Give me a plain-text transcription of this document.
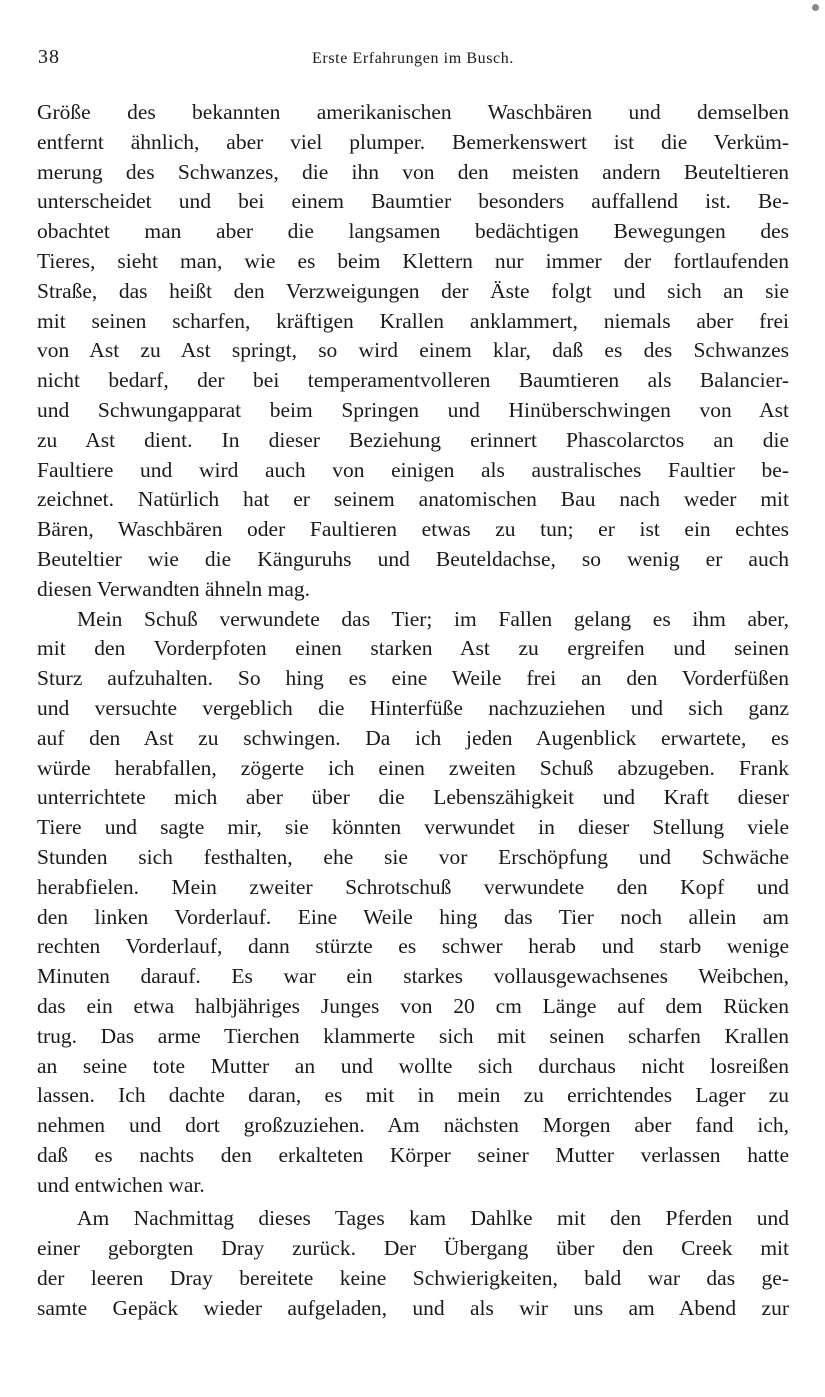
38	Erste Erfahrungen im Busch.

Größe des bekannten amerikanischen Waschbären und demselben
entfernt ähnlich, aber viel plumper. Bemerkenswert ist die Verküm-
merung des Schwanzes, die ihn von den meisten andern Beuteltieren
unterscheidet und bei einem Baumtier besonders auffallend ist. Be-
obachtet man aber die langsamen bedächtigen Bewegungen des
Tieres, sieht man, wie es beim Klettern nur immer der fortlaufenden
Straße, das heißt den Verzweigungen der Äste folgt und sich an sie
mit seinen scharfen, kräftigen Krallen anklammert, niemals aber frei
von Ast zu Ast springt, so wird einem klar, daß es des Schwanzes
nicht bedarf, der bei temperamentvolleren Baumtieren als Balancier-
und Schwungapparat beim Springen und Hinüberschwingen von Ast
zu Ast dient. In dieser Beziehung erinnert Phascolarctos an die
Faultiere und wird auch von einigen als australisches Faultier be-
zeichnet. Natürlich hat er seinem anatomischen Bau nach weder mit
Bären, Waschbären oder Faultieren etwas zu tun; er ist ein echtes
Beuteltier wie die Känguruhs und Beuteldachse, so wenig er auch
diesen Verwandten ähneln mag.

Mein Schuß verwundete das Tier; im Fallen gelang es ihm aber,
mit den Vorderpfoten einen starken Ast zu ergreifen und seinen
Sturz aufzuhalten. So hing es eine Weile frei an den Vorderfüßen
und versuchte vergeblich die Hinterfüße nachzuziehen und sich ganz
auf den Ast zu schwingen. Da ich jeden Augenblick erwartete, es
würde herabfallen, zögerte ich einen zweiten Schuß abzugeben. Frank
unterrichtete mich aber über die Lebenszähigkeit und Kraft dieser
Tiere und sagte mir, sie könnten verwundet in dieser Stellung viele
Stunden sich festhalten, ehe sie vor Erschöpfung und Schwäche
herabfielen. Mein zweiter Schrotschuß verwundete den Kopf und
den linken Vorderlauf. Eine Weile hing das Tier noch allein am
rechten Vorderlauf, dann stürzte es schwer herab und starb wenige
Minuten darauf. Es war ein starkes vollausgewachsenes Weibchen,
das ein etwa halbjähriges Junges von 20 cm Länge auf dem Rücken
trug. Das arme Tierchen klammerte sich mit seinen scharfen Krallen
an seine tote Mutter an und wollte sich durchaus nicht losreißen
lassen. Ich dachte daran, es mit in mein zu errichtendes Lager zu
nehmen und dort großzuziehen. Am nächsten Morgen aber fand ich,
daß es nachts den erkalteten Körper seiner Mutter verlassen hatte
und entwichen war.

Am Nachmittag dieses Tages kam Dahlke mit den Pferden und
einer geborgten Dray zurück. Der Übergang über den Creek mit
der leeren Dray bereitete keine Schwierigkeiten, bald war das ge-
samte Gepäck wieder aufgeladen, und als wir uns am Abend zur
